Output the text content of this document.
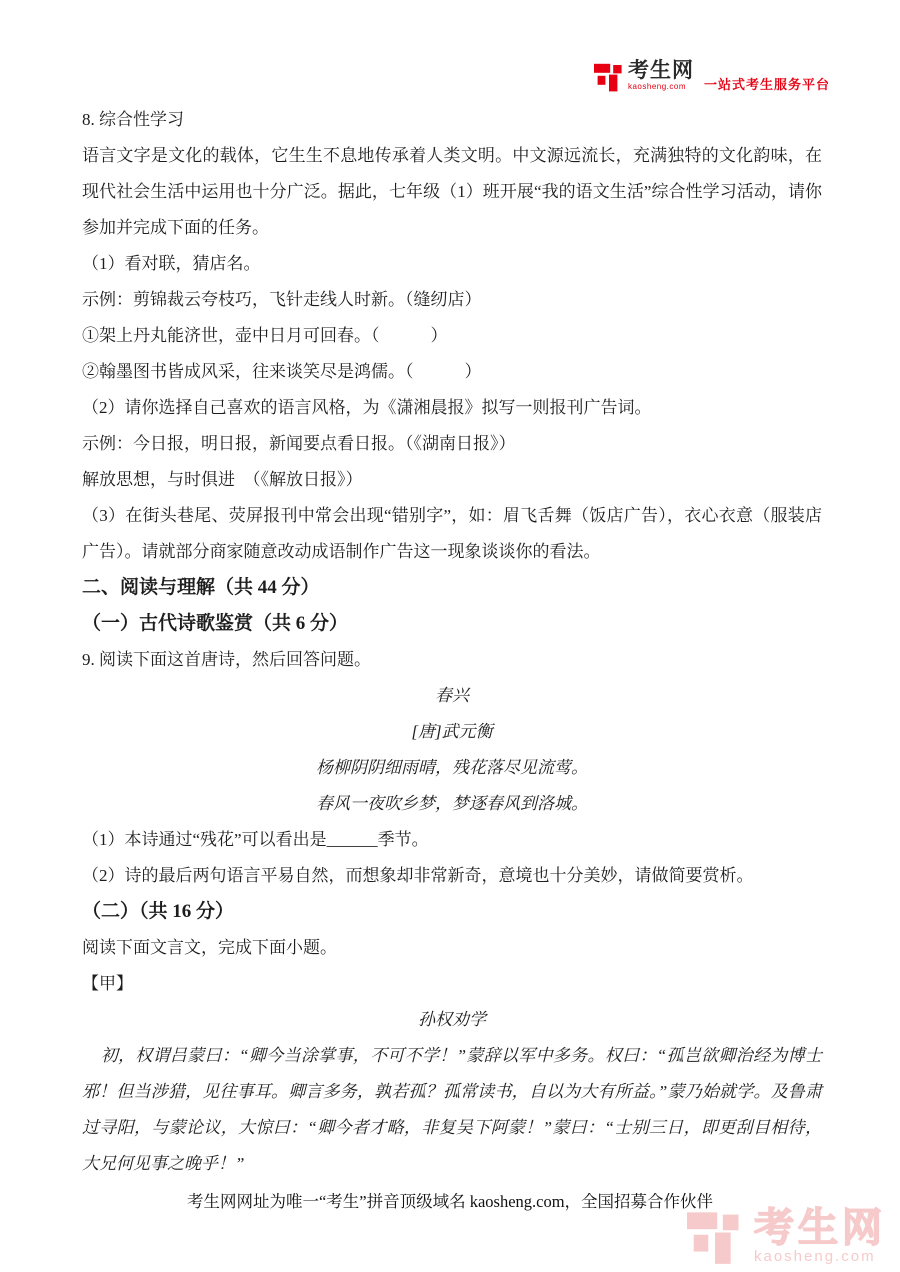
考生网
kaosheng.com	一站式考生服务平台

8. 综合性学习

语言文字是文化的载体，它生生不息地传承着人类文明。中文源远流长，充满独特的文化韵味，在现代社会生活中运用也十分广泛。据此，七年级（1）班开展“我的语文生活”综合性学习活动，请你参加并完成下面的任务。

（1）看对联，猜店名。

示例：剪锦裁云夸枝巧，飞针走线人时新。（缝纫店）

①架上丹丸能济世，壶中日月可回春。（　　　）

②翰墨图书皆成风采，往来谈笑尽是鸿儒。（　　　）

（2）请你选择自己喜欢的语言风格，为《潇湘晨报》拟写一则报刊广告词。

示例：今日报，明日报，新闻要点看日报。（《湖南日报》）

解放思想，与时俱进　（《解放日报》）

（3）在街头巷尾、荧屏报刊中常会出现“错别字”，如：眉飞舌舞（饭店广告），衣心衣意（服装店广告）。请就部分商家随意改动成语制作广告这一现象谈谈你的看法。

二、阅读与理解（共 44 分）
（一）古代诗歌鉴赏（共 6 分）

9. 阅读下面这首唐诗，然后回答问题。

春兴

[唐]武元衡

杨柳阴阴细雨晴，残花落尽见流莺。

春风一夜吹乡梦，梦逐春风到洛城。

（1）本诗通过“残花”可以看出是______季节。

（2）诗的最后两句语言平易自然，而想象却非常新奇，意境也十分美妙，请做简要赏析。

（二）（共 16 分）

阅读下面文言文，完成下面小题。

【甲】

孙权劝学

初，权谓吕蒙曰：“卿今当涂掌事，不可不学！”蒙辞以军中多务。权曰：“孤岂欲卿治经为博士邪！但当涉猎，见往事耳。卿言多务，孰若孤？孤常读书，自以为大有所益。”蒙乃始就学。及鲁肃过寻阳，与蒙论议，大惊曰：“卿今者才略，非复吴下阿蒙！”蒙曰：“士别三日，即更刮目相待，大兄何见事之晚乎！”

考生网网址为唯一“考生”拼音顶级域名 kaosheng.com，全国招募合作伙伴

考生网
kaosheng.com
